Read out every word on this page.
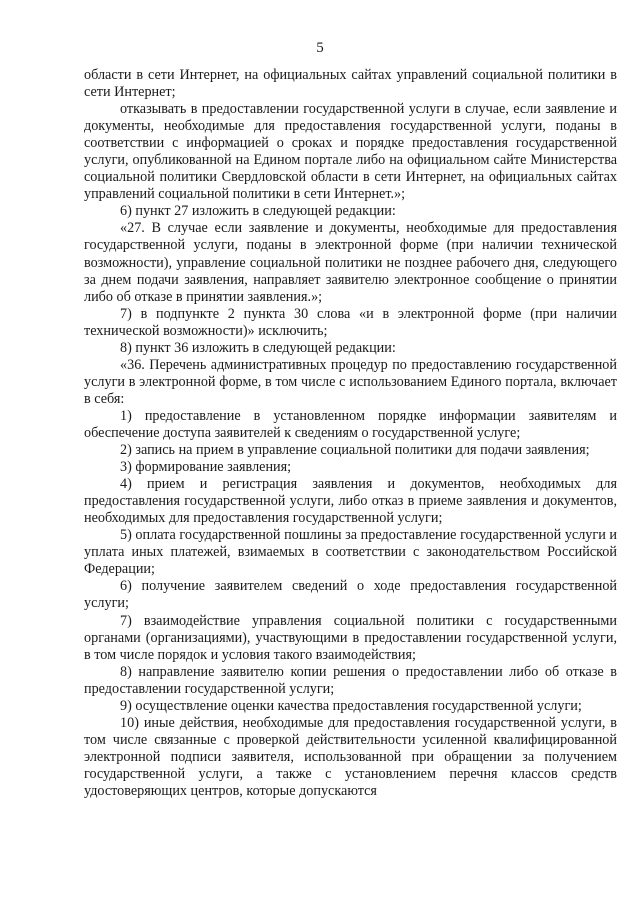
5

области в сети Интернет, на официальных сайтах управлений социальной политики в сети Интернет;

отказывать в предоставлении государственной услуги в случае, если заявление и документы, необходимые для предоставления государственной услуги, поданы в соответствии с информацией о сроках и порядке предоставления государственной услуги, опубликованной на Едином портале либо на официальном сайте Министерства социальной политики Свердловской области в сети Интернет, на официальных сайтах управлений социальной политики в сети Интернет.»;

6) пункт 27 изложить в следующей редакции:

«27. В случае если заявление и документы, необходимые для предоставления государственной услуги, поданы в электронной форме (при наличии технической возможности), управление социальной политики не позднее рабочего дня, следующего за днем подачи заявления, направляет заявителю электронное сообщение о принятии либо об отказе в принятии заявления.»;

7) в подпункте 2 пункта 30 слова «и в электронной форме (при наличии технической возможности)» исключить;

8) пункт 36 изложить в следующей редакции:

«36. Перечень административных процедур по предоставлению государственной услуги в электронной форме, в том числе с использованием Единого портала, включает в себя:

1) предоставление в установленном порядке информации заявителям и обеспечение доступа заявителей к сведениям о государственной услуге;

2) запись на прием в управление социальной политики для подачи заявления;

3) формирование заявления;

4) прием и регистрация заявления и документов, необходимых для предоставления государственной услуги, либо отказ в приеме заявления и документов, необходимых для предоставления государственной услуги;

5) оплата государственной пошлины за предоставление государственной услуги и уплата иных платежей, взимаемых в соответствии с законодательством Российской Федерации;

6) получение заявителем сведений о ходе предоставления государственной услуги;

7) взаимодействие управления социальной политики с государственными органами (организациями), участвующими в предоставлении государственной услуги, в том числе порядок и условия такого взаимодействия;

8) направление заявителю копии решения о предоставлении либо об отказе в предоставлении государственной услуги;

9) осуществление оценки качества предоставления государственной услуги;

10) иные действия, необходимые для предоставления государственной услуги, в том числе связанные с проверкой действительности усиленной квалифицированной электронной подписи заявителя, использованной при обращении за получением государственной услуги, а также с установлением перечня классов средств удостоверяющих центров, которые допускаются
